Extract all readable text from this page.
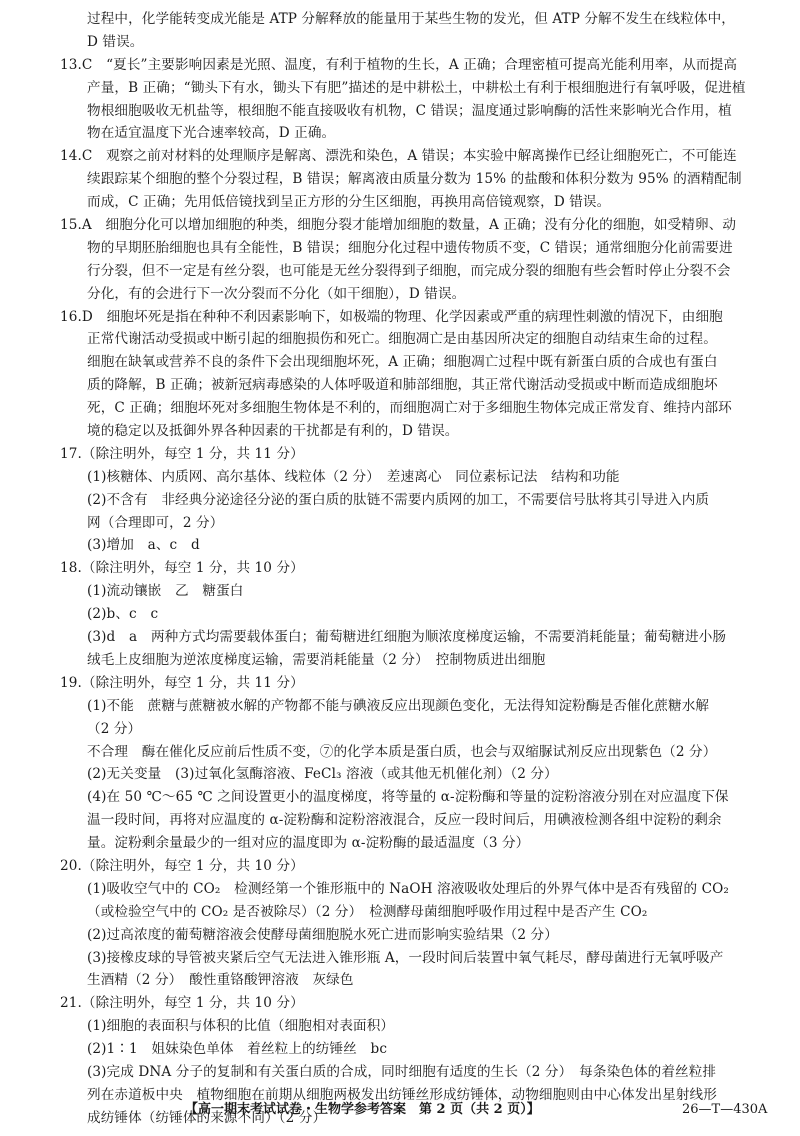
过程中，化学能转变成光能是 ATP 分解释放的能量用于某些生物的发光，但 ATP 分解不发生在线粒体中，
D 错误。
13.C　“夏长”主要影响因素是光照、温度，有利于植物的生长，A 正确；合理密植可提高光能利用率，从而提高
产量，B 正确；“锄头下有水，锄头下有肥”描述的是中耕松土，中耕松土有利于根细胞进行有氧呼吸，促进植
物根细胞吸收无机盐等，根细胞不能直接吸收有机物，C 错误；温度通过影响酶的活性来影响光合作用，植
物在适宜温度下光合速率较高，D 正确。
14.C　观察之前对材料的处理顺序是解离、漂洗和染色，A 错误；本实验中解离操作已经让细胞死亡，不可能连
续跟踪某个细胞的整个分裂过程，B 错误；解离液由质量分数为 15% 的盐酸和体积分数为 95% 的酒精配制
而成，C 正确；先用低倍镜找到呈正方形的分生区细胞，再换用高倍镜观察，D 错误。
15.A　细胞分化可以增加细胞的种类，细胞分裂才能增加细胞的数量，A 正确；没有分化的细胞，如受精卵、动
物的早期胚胎细胞也具有全能性，B 错误；细胞分化过程中遗传物质不变，C 错误；通常细胞分化前需要进
行分裂，但不一定是有丝分裂，也可能是无丝分裂得到子细胞，而完成分裂的细胞有些会暂时停止分裂不会
分化，有的会进行下一次分裂而不分化（如干细胞），D 错误。
16.D　细胞坏死是指在种种不利因素影响下，如极端的物理、化学因素或严重的病理性刺激的情况下，由细胞
正常代谢活动受损或中断引起的细胞损伤和死亡。细胞凋亡是由基因所决定的细胞自动结束生命的过程。
细胞在缺氧或营养不良的条件下会出现细胞坏死，A 正确；细胞凋亡过程中既有新蛋白质的合成也有蛋白
质的降解，B 正确；被新冠病毒感染的人体呼吸道和肺部细胞，其正常代谢活动受损或中断而造成细胞坏
死，C 正确；细胞坏死对多细胞生物体是不利的，而细胞凋亡对于多细胞生物体完成正常发育、维持内部环
境的稳定以及抵御外界各种因素的干扰都是有利的，D 错误。
17.（除注明外，每空 1 分，共 11 分）
(1)核糖体、内质网、高尔基体、线粒体（2 分）　差速离心　同位素标记法　结构和功能
(2)不含有　非经典分泌途径分泌的蛋白质的肽链不需要内质网的加工，不需要信号肽将其引导进入内质
网（合理即可，2 分）
(3)增加　a、c　d
18.（除注明外，每空 1 分，共 10 分）
(1)流动镶嵌　乙　糖蛋白
(2)b、c　c
(3)d　a　两种方式均需要载体蛋白；葡萄糖进红细胞为顺浓度梯度运输，不需要消耗能量；葡萄糖进小肠
绒毛上皮细胞为逆浓度梯度运输，需要消耗能量（2 分）　控制物质进出细胞
19.（除注明外，每空 1 分，共 11 分）
(1)不能　蔗糖与蔗糖被水解的产物都不能与碘液反应出现颜色变化，无法得知淀粉酶是否催化蔗糖水解
（2 分）
不合理　酶在催化反应前后性质不变，⑦的化学本质是蛋白质，也会与双缩脲试剂反应出现紫色（2 分）
(2)无关变量　(3)过氧化氢酶溶液、FeCl₃ 溶液（或其他无机催化剂）（2 分）
(4)在 50 ℃～65 ℃ 之间设置更小的温度梯度，将等量的 α-淀粉酶和等量的淀粉溶液分别在对应温度下保
温一段时间，再将对应温度的 α-淀粉酶和淀粉溶液混合，反应一段时间后，用碘液检测各组中淀粉的剩余
量。淀粉剩余量最少的一组对应的温度即为 α-淀粉酶的最适温度（3 分）
20.（除注明外，每空 1 分，共 10 分）
(1)吸收空气中的 CO₂　检测经第一个锥形瓶中的 NaOH 溶液吸收处理后的外界气体中是否有残留的 CO₂
（或检验空气中的 CO₂ 是否被除尽）（2 分）　检测酵母菌细胞呼吸作用过程中是否产生 CO₂
(2)过高浓度的葡萄糖溶液会使酵母菌细胞脱水死亡进而影响实验结果（2 分）
(3)接橡皮球的导管被夹紧后空气无法进入锥形瓶 A，一段时间后装置中氧气耗尽，酵母菌进行无氧呼吸产
生酒精（2 分）　酸性重铬酸钾溶液　灰绿色
21.（除注明外，每空 1 分，共 10 分）
(1)细胞的表面积与体积的比值（细胞相对表面积）
(2)1∶1　姐妹染色单体　着丝粒上的纺锤丝　bc
(3)完成 DNA 分子的复制和有关蛋白质的合成，同时细胞有适度的生长（2 分）　每条染色体的着丝粒排
列在赤道板中央　植物细胞在前期从细胞两极发出纺锤丝形成纺锤体，动物细胞则由中心体发出星射线形
成纺锤体（纺锤体的来源不同）（2 分）
【高一期末考试试卷・生物学参考答案　第 2 页（共 2 页）】	26—T—430A
